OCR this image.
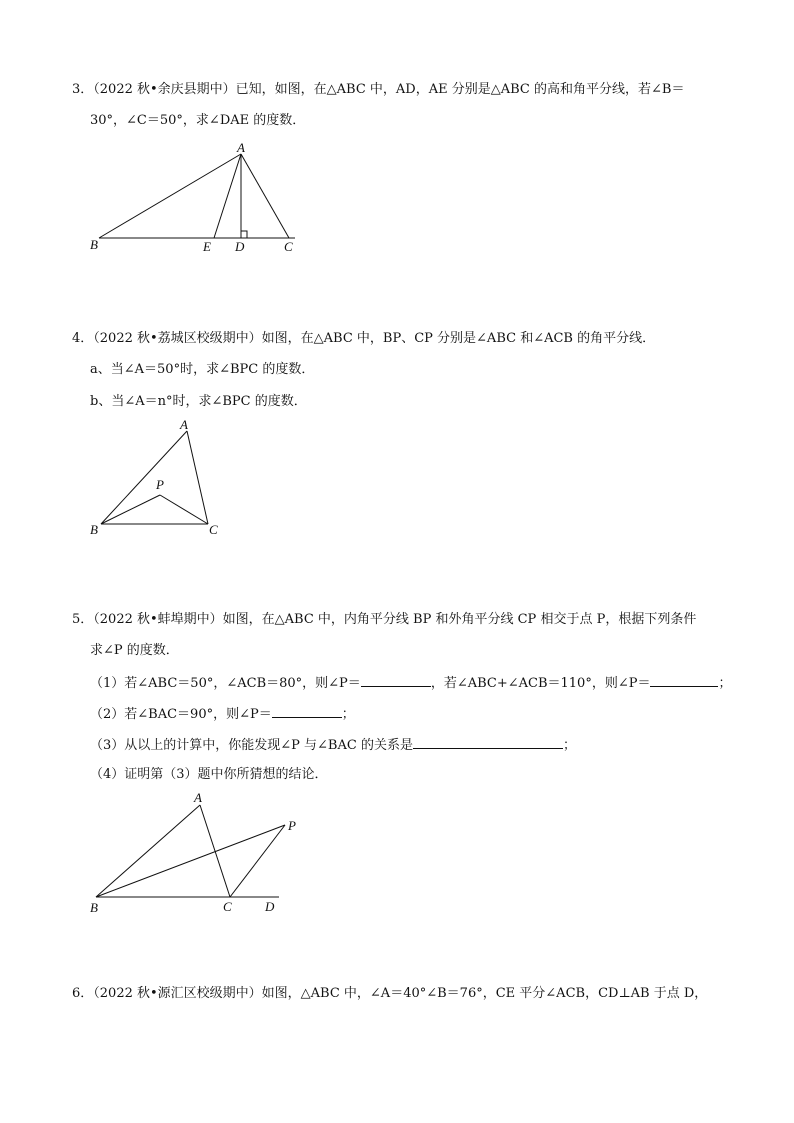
3．（2022 秋•余庆县期中）已知，如图，在△ABC 中，AD，AE 分别是△ABC 的高和角平分线，若∠B＝
30°，∠C＝50°，求∠DAE 的度数．
A
B	E D	C
4．（2022 秋•荔城区校级期中）如图，在△ABC 中，BP、CP 分别是∠ABC 和∠ACB 的角平分线．
a、当∠A＝50°时，求∠BPC 的度数．
b、当∠A＝n°时，求∠BPC 的度数．
A
P
B	C
5．（2022 秋•蚌埠期中）如图，在△ABC 中，内角平分线 BP 和外角平分线 CP 相交于点 P，根据下列条件
求∠P 的度数．
（1）若∠ABC＝50°，∠ACB＝80°，则∠P＝	，若∠ABC+∠ACB＝110°，则∠P＝	；
（2）若∠BAC＝90°，则∠P＝	；
（3）从以上的计算中，你能发现∠P 与∠BAC 的关系是	；
（4）证明第（3）题中你所猜想的结论．
A
P
B	C	D
6．（2022 秋•源汇区校级期中）如图，△ABC 中，∠A＝40°∠B＝76°，CE 平分∠ACB，CD⊥AB 于点 D，
